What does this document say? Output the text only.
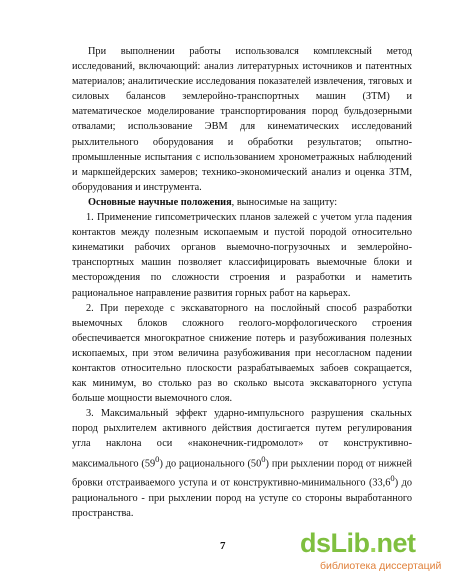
При выполнении работы использовался комплексный метод исследований, включающий: анализ литературных источников и патентных материалов; аналитические исследования показателей извлечения, тяговых и силовых балансов землеройно-транспортных машин (ЗТМ) и математическое моделирование транспортирования пород бульдозерными отвалами; использование ЭВМ для кинематических исследований рыхлительного оборудования и обработки результатов; опытно-промышленные испытания с использованием хронометражных наблюдений и маркшейдерских замеров; технико-экономический анализ и оценка ЗТМ, оборудования и инструмента.

Основные научные положения, выносимые на защиту:

1. Применение гипсометрических планов залежей с учетом угла падения контактов между полезным ископаемым и пустой породой относительно кинематики рабочих органов выемочно-погрузочных и землеройно-транспортных машин позволяет классифицировать выемочные блоки и месторождения по сложности строения и разработки и наметить рациональное направление развития горных работ на карьерах.

2. При переходе с экскаваторного на послойный способ разработки выемочных блоков сложного геолого-морфологического строения обеспечивается многократное снижение потерь и разубоживания полезных ископаемых, при этом величина разубоживания при несогласном падении контактов относительно плоскости разрабатываемых забоев сокращается, как минимум, во столько раз во сколько высота экскаваторного уступа больше мощности выемочного слоя.

3. Максимальный эффект ударно-импульсного разрушения скальных пород рыхлителем активного действия достигается путем регулирования угла наклона оси «наконечник-гидромолот» от конструктивно-максимального $(59^0)$ до рационального $(50^0)$ при рыхлении пород от нижней бровки отстраиваемого уступа и от конструктивно-минимального (33,6$^0$) до рационального - при рыхлении пород на уступе со стороны выработанного пространства.

7	dsLib.net
библиотека диссертаций
